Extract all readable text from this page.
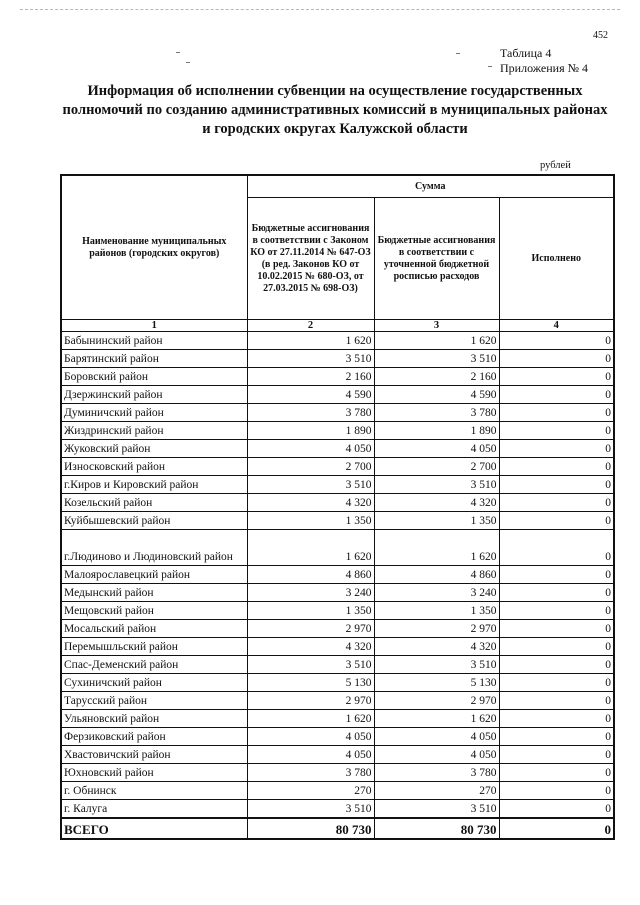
452
Таблица 4
Приложения № 4
Информация об исполнении субвенции на осуществление государственных полномочий по созданию административных комиссий в муниципальных районах и городских округах Калужской области
рублей
Наименование муниципальных районов (городских округов)	Сумма		
	Бюджетные ассигнования в соответствии с Законом КО от 27.11.2014 № 647-ОЗ (в ред. Законов КО от 10.02.2015 № 680-ОЗ, от 27.03.2015 № 698-ОЗ)	Бюджетные ассигнования в соответствии с уточненной бюджетной росписью расходов	Исполнено
1	2	3	4
Бабынинский район	1 620	1 620	0
Барятинский район	3 510	3 510	0
Боровский район	2 160	2 160	0
Дзержинский район	4 590	4 590	0
Думиничский район	3 780	3 780	0
Жиздринский район	1 890	1 890	0
Жуковский район	4 050	4 050	0
Износковский район	2 700	2 700	0
г.Киров и Кировский район	3 510	3 510	0
Козельский район	4 320	4 320	0
Куйбышевский район	1 350	1 350	0
г.Людиново и Людиновский район	1 620	1 620	0
Малоярославецкий район	4 860	4 860	0
Медынский район	3 240	3 240	0
Мещовский район	1 350	1 350	0
Мосальский район	2 970	2 970	0
Перемышльский район	4 320	4 320	0
Спас-Деменский район	3 510	3 510	0
Сухиничский район	5 130	5 130	0
Тарусский район	2 970	2 970	0
Ульяновский район	1 620	1 620	0
Ферзиковский район	4 050	4 050	0
Хвастовичский район	4 050	4 050	0
Юхновский район	3 780	3 780	0
г. Обнинск	270	270	0
г. Калуга	3 510	3 510	0
ВСЕГО	80 730	80 730	0
